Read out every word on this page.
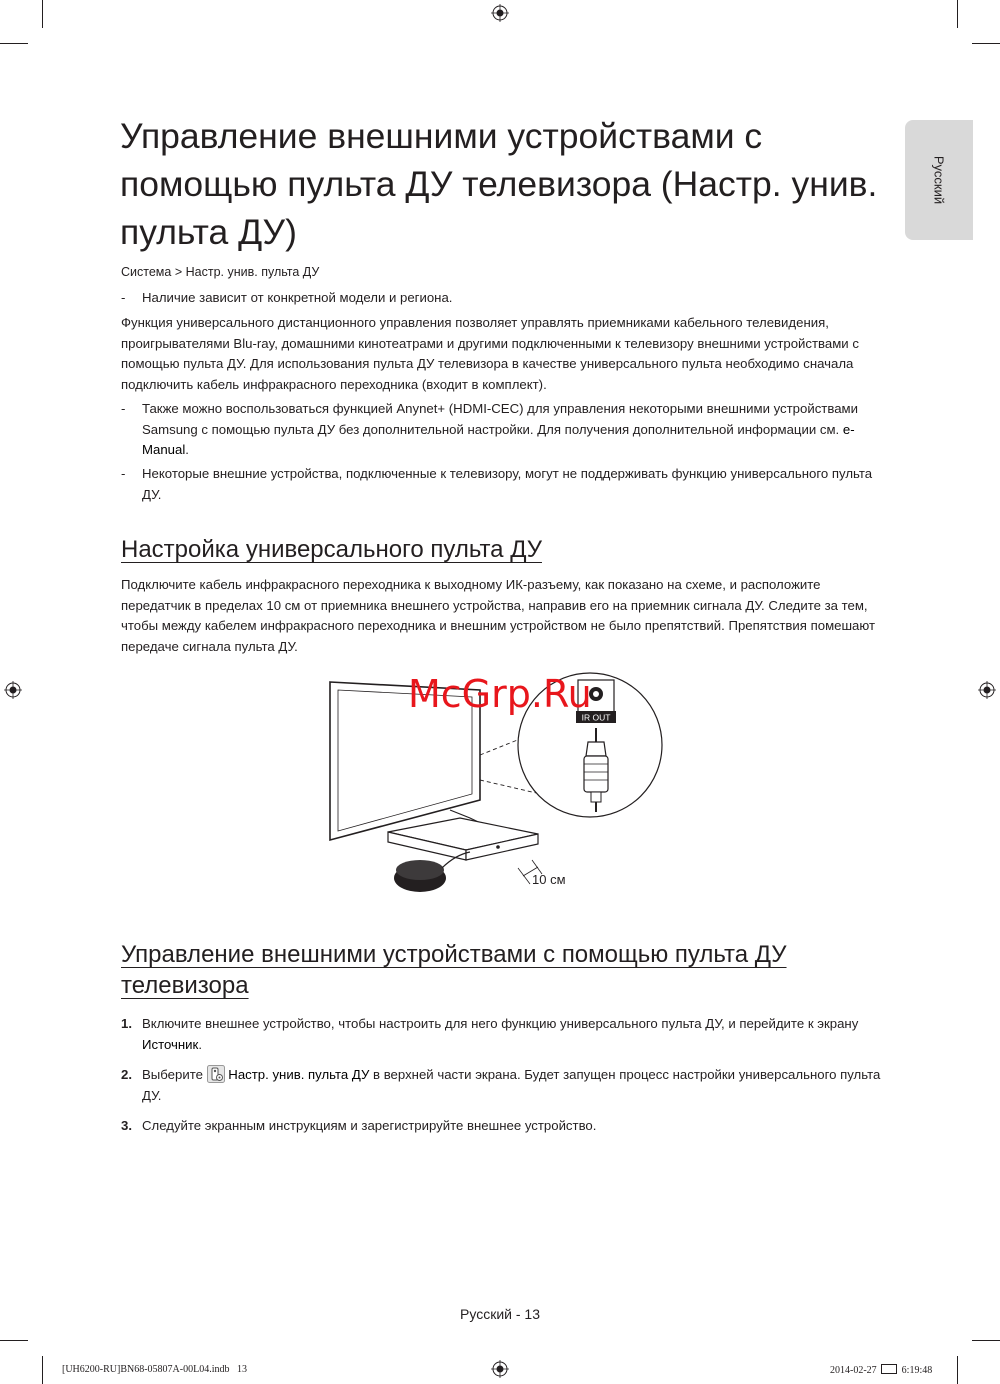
Русский
Управление внешними устройствами с помощью пульта ДУ телевизора (Настр. унив. пульта ДУ)
Система > Настр. унив. пульта ДУ
- Наличие зависит от конкретной модели и региона.
Функция универсального дистанционного управления позволяет управлять приемниками кабельного телевидения, проигрывателями Blu-ray, домашними кинотеатрами и другими подключенными к телевизору внешними устройствами с помощью пульта ДУ. Для использования пульта ДУ телевизора в качестве универсального пульта необходимо сначала подключить кабель инфракрасного переходника (входит в комплект).
- Также можно воспользоваться функцией Anynet+ (HDMI-CEC) для управления некоторыми внешними устройствами Samsung с помощью пульта ДУ без дополнительной настройки. Для получения дополнительной информации см. e-Manual.
- Некоторые внешние устройства, подключенные к телевизору, могут не поддерживать функцию универсального пульта ДУ.
Настройка универсального пульта ДУ
Подключите кабель инфракрасного переходника к выходному ИК-разъему, как показано на схеме, и расположите передатчик в пределах 10 см от приемника внешнего устройства, направив его на приемник сигнала ДУ. Следите за тем, чтобы между кабелем инфракрасного переходника и внешним устройством не было препятствий. Препятствия помешают передаче сигнала пульта ДУ.
IR OUT
10 см
McGrp.Ru
Управление внешними устройствами с помощью пульта ДУ телевизора
1. Включите внешнее устройство, чтобы настроить для него функцию универсального пульта ДУ, и перейдите к экрану Источник.
2. Выберите Настр. унив. пульта ДУ в верхней части экрана. Будет запущен процесс настройки универсального пульта ДУ.
3. Следуйте экранным инструкциям и зарегистрируйте внешнее устройство.
Русский - 13
[UH6200-RU]BN68-05807A-00L04.indb   13	2014-02-27	6:19:48
